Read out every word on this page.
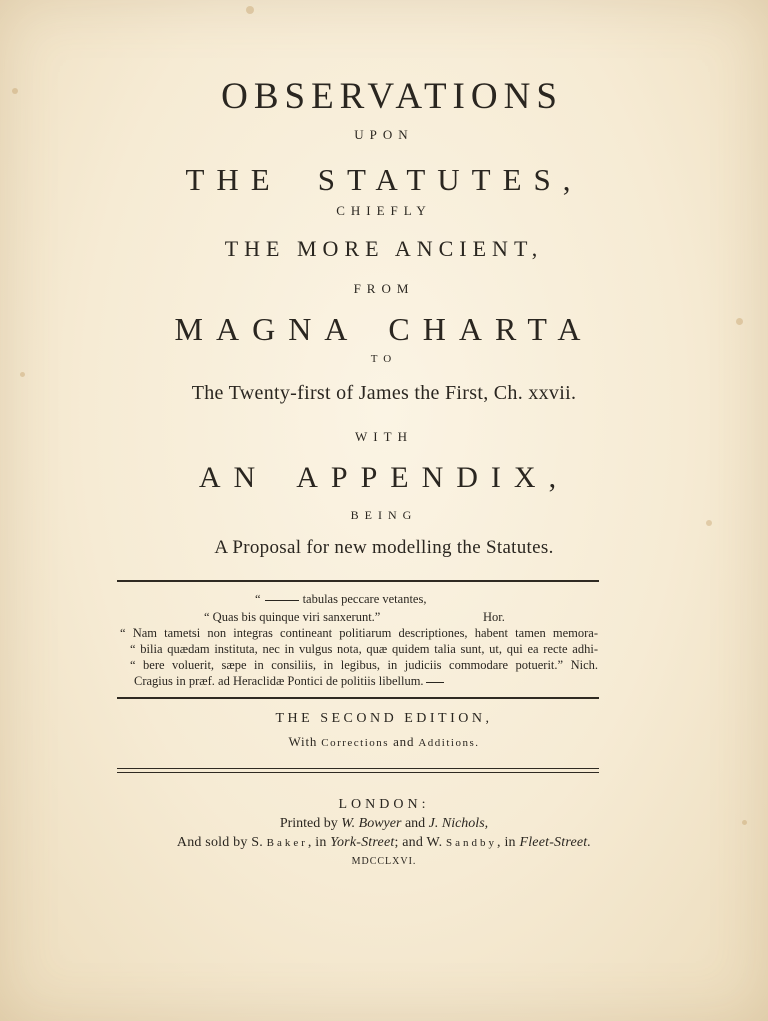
OBSERVATIONS
UPON
THE STATUTES,
CHIEFLY
THE MORE ANCIENT,
FROM
MAGNA CHARTA
TO
The Twenty-first of James the First, Ch. xxvii.
WITH
AN APPENDIX,
BEING
A Proposal for new modelling the Statutes.
“	tabulas peccare vetantes,
“ Quas bis quinque viri sanxerunt.”	Hor.
“ Nam tametsi non integras contineant politiarum descriptiones, habent tamen memora-
“ bilia quædam instituta, nec in vulgus nota, quæ quidem talia sunt, ut, qui ea recte adhi-
“ bere voluerit, sæpe in consiliis, in legibus, in judiciis commodare potuerit.” Nich.
Cragius in præf. ad Heraclidæ Pontici de politiis libellum.
THE SECOND EDITION,
With Corrections and Additions.
LONDON:
Printed by W. Bowyer and J. Nichols,
And sold by S. Baker, in York-Street; and W. Sandby, in Fleet-Street.
MDCCLXVI.
